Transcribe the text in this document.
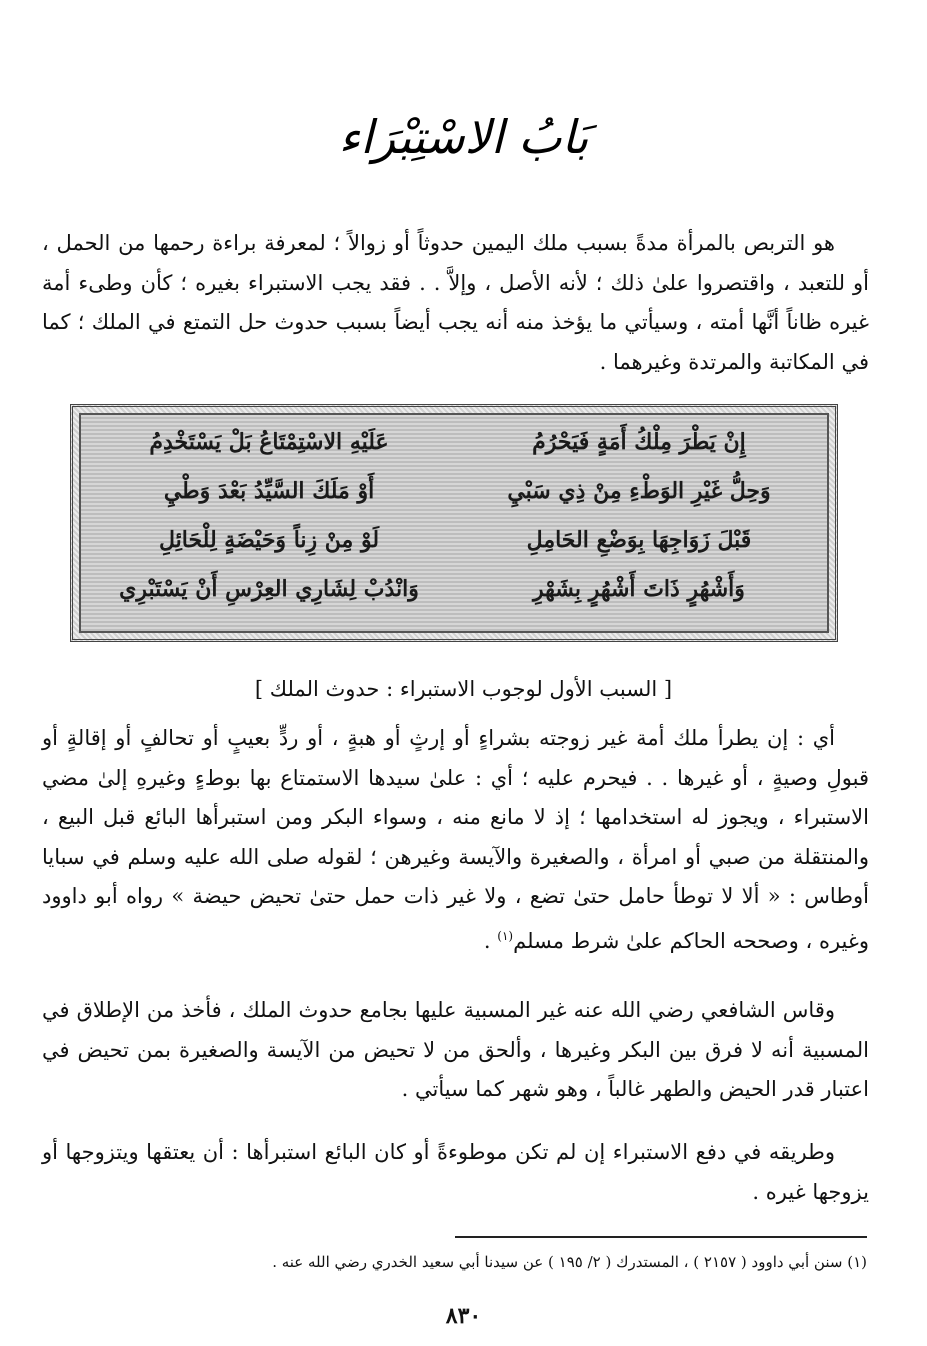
بَابُ الاسْتِبْرَاء
هو التربص بالمرأة مدةً بسبب ملك اليمين حدوثاً أو زوالاً ؛ لمعرفة براءة رحمها من الحمل ، أو للتعبد ، واقتصروا علىٰ ذلك ؛ لأنه الأصل ، وإلاَّ . . فقد يجب الاستبراء بغيره ؛ كأن وطىء أمة غيره ظاناً أنَّها أمته ، وسيأتي ما يؤخذ منه أنه يجب أيضاً بسبب حدوث حل التمتع في الملك ؛ كما في المكاتبة والمرتدة وغيرهما .
إِنْ يَطْرَ مِلْكُ أَمَةٍ فَيَحْرُمُ
عَلَيْهِ الاسْتِمْتَاعُ بَلْ يَسْتَخْدِمُ
وَحِلُّ غَيْرِ الوَطْءِ مِنْ ذِي سَبْيِ
أَوْ مَلَكَ السَّيِّدُ بَعْدَ وَطْيِ
قَبْلَ زَوَاجِهَا بِوَضْعِ الحَامِلِ
لَوْ مِنْ زِناً وَحَيْضَةٍ لِلْحَائِلِ
وَأَشْهُرٍ ذَاتَ أَشْهُرٍ بِشَهْرِ
وَانْدُبْ لِشَارِي العِرْسِ أَنْ يَسْتَبْرِي
[ السبب الأول لوجوب الاستبراء : حدوث الملك ]
أي : إن يطرأ ملك أمة غير زوجته بشراءٍ أو إرثٍ أو هبةٍ ، أو ردٍّ بعيبٍ أو تحالفٍ أو إقالةٍ أو قبولِ وصيةٍ ، أو غيرها . . فيحرم عليه ؛ أي : علىٰ سيدها الاستمتاع بها بوطءٍ وغيرهِ إلىٰ مضي الاستبراء ، ويجوز له استخدامها ؛ إذ لا مانع منه ، وسواء البكر ومن استبرأها البائع قبل البيع ، والمنتقلة من صبي أو امرأة ، والصغيرة والآيسة وغيرهن ؛ لقوله صلى الله عليه وسلم في سبايا أوطاس : « ألا لا توطأ حامل حتىٰ تضع ، ولا غير ذات حمل حتىٰ تحيض حيضة » رواه أبو داوود وغيره ، وصححه الحاكم علىٰ شرط مسلم$^{(١)}$ .
وقاس الشافعي رضي الله عنه غير المسبية عليها بجامع حدوث الملك ، فأخذ من الإطلاق في المسبية أنه لا فرق بين البكر وغيرها ، وألحق من لا تحيض من الآيسة والصغيرة بمن تحيض في اعتبار قدر الحيض والطهر غالباً ، وهو شهر كما سيأتي .
وطريقه في دفع الاستبراء إن لم تكن موطوءةً أو كان البائع استبرأها : أن يعتقها ويتزوجها أو يزوجها غيره .
(١) سنن أبي داوود ( ٢١٥٧ ) ، المستدرك ( ٢/ ١٩٥ ) عن سيدنا أبي سعيد الخدري رضي الله عنه .
٨٣٠
